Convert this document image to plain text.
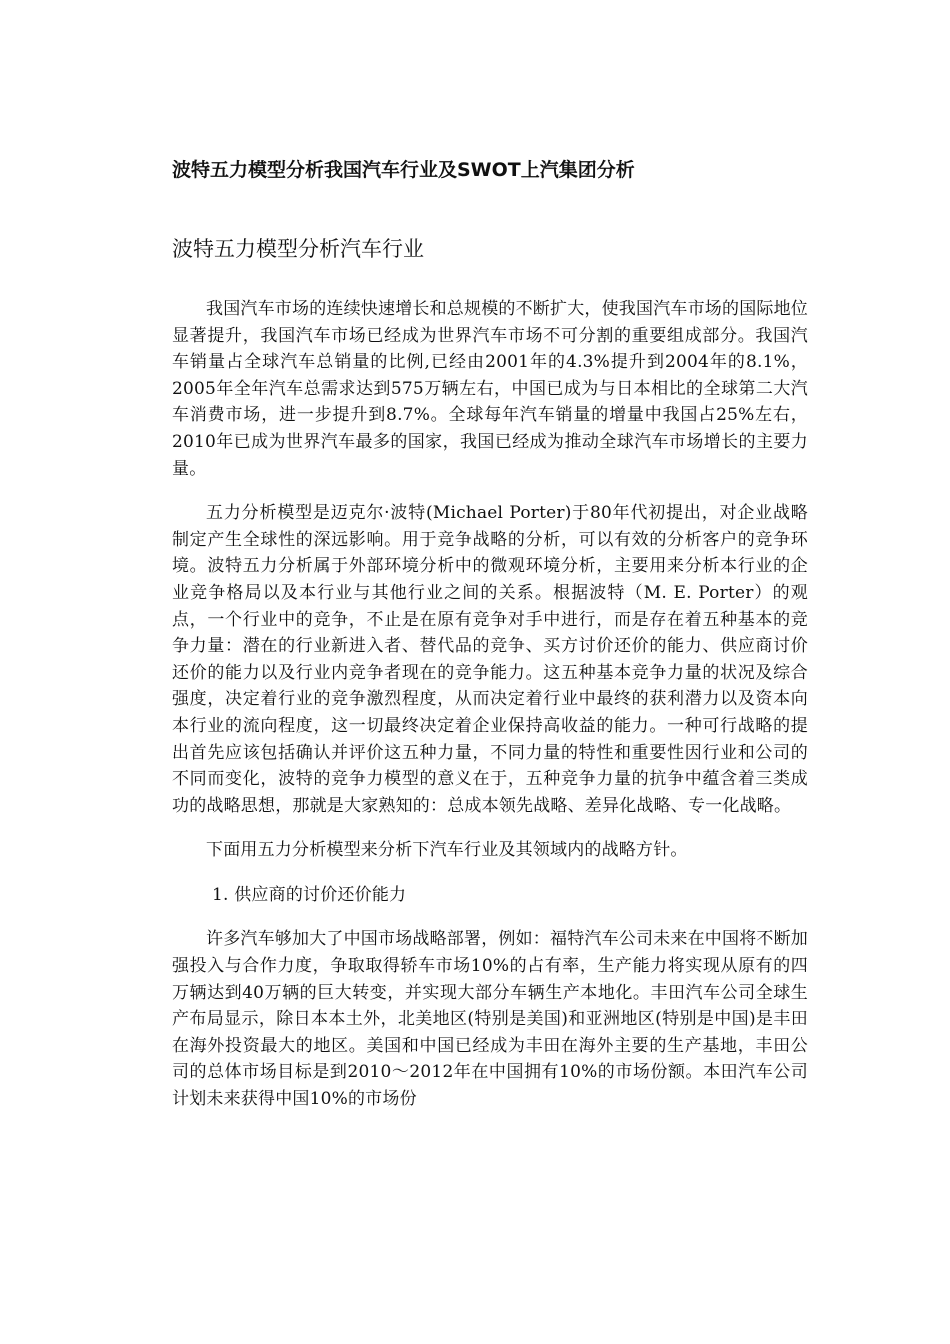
波特五力模型分析我国汽车行业及SWOT上汽集团分析
波特五力模型分析汽车行业

我国汽车市场的连续快速增长和总规模的不断扩大，使我国汽车市场的国际地位显著提升，我国汽车市场已经成为世界汽车市场不可分割的重要组成部分。我国汽车销量占全球汽车总销量的比例,已经由2001年的4.3%提升到2004年的8.1%，2005年全年汽车总需求达到575万辆左右，中国已成为与日本相比的全球第二大汽车消费市场，进一步提升到8.7%。全球每年汽车销量的增量中我国占25%左右，2010年已成为世界汽车最多的国家，我国已经成为推动全球汽车市场增长的主要力量。

五力分析模型是迈克尔·波特(Michael Porter)于80年代初提出，对企业战略制定产生全球性的深远影响。用于竞争战略的分析，可以有效的分析客户的竞争环境。波特五力分析属于外部环境分析中的微观环境分析，主要用来分析本行业的企业竞争格局以及本行业与其他行业之间的关系。根据波特（M. E. Porter）的观点，一个行业中的竞争，不止是在原有竞争对手中进行，而是存在着五种基本的竞争力量：潜在的行业新进入者、替代品的竞争、买方讨价还价的能力、供应商讨价还价的能力以及行业内竞争者现在的竞争能力。这五种基本竞争力量的状况及综合强度，决定着行业的竞争激烈程度，从而决定着行业中最终的获利潜力以及资本向本行业的流向程度，这一切最终决定着企业保持高收益的能力。一种可行战略的提出首先应该包括确认并评价这五种力量，不同力量的特性和重要性因行业和公司的不同而变化，波特的竞争力模型的意义在于，五种竞争力量的抗争中蕴含着三类成功的战略思想，那就是大家熟知的：总成本领先战略、差异化战略、专一化战略。

下面用五力分析模型来分析下汽车行业及其领域内的战略方针。

1. 供应商的讨价还价能力

许多汽车够加大了中国市场战略部署，例如：福特汽车公司未来在中国将不断加强投入与合作力度，争取取得轿车市场10%的占有率，生产能力将实现从原有的四万辆达到40万辆的巨大转变，并实现大部分车辆生产本地化。丰田汽车公司全球生产布局显示，除日本本土外，北美地区(特别是美国)和亚洲地区(特别是中国)是丰田在海外投资最大的地区。美国和中国已经成为丰田在海外主要的生产基地，丰田公司的总体市场目标是到2010～2012年在中国拥有10%的市场份额。本田汽车公司计划未来获得中国10%的市场份
